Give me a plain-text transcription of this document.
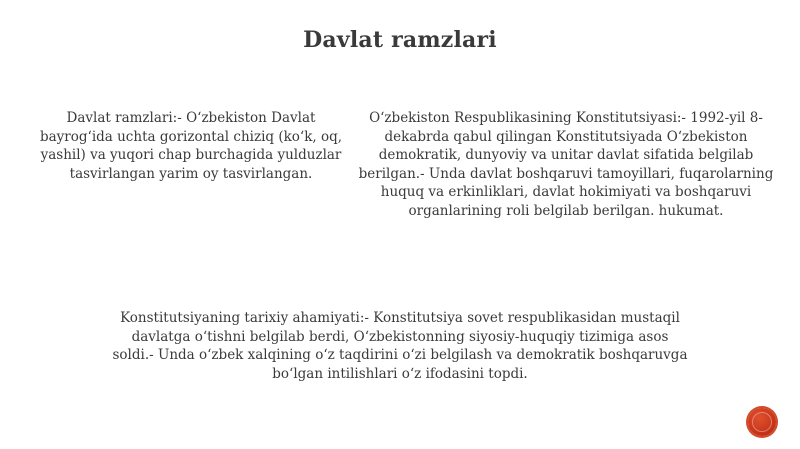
Davlat ramzlari
Davlat ramzlari:- O‘zbekiston Davlat bayrog‘ida uchta gorizontal chiziq (ko‘k, oq, yashil) va yuqori chap burchagida yulduzlar tasvirlangan yarim oy tasvirlangan.
O‘zbekiston Respublikasining Konstitutsiyasi:- 1992-yil 8-dekabrda qabul qilingan Konstitutsiyada O‘zbekiston demokratik, dunyoviy va unitar davlat sifatida belgilab berilgan.- Unda davlat boshqaruvi tamoyillari, fuqarolarning huquq va erkinliklari, davlat hokimiyati va boshqaruvi organlarining roli belgilab berilgan. hukumat.
Konstitutsiyaning tarixiy ahamiyati:- Konstitutsiya sovet respublikasidan mustaqil davlatga o‘tishni belgilab berdi, O‘zbekistonning siyosiy-huquqiy tizimiga asos soldi.- Unda o‘zbek xalqining o‘z taqdirini o‘zi belgilash va demokratik boshqaruvga bo‘lgan intilishlari o‘z ifodasini topdi.
